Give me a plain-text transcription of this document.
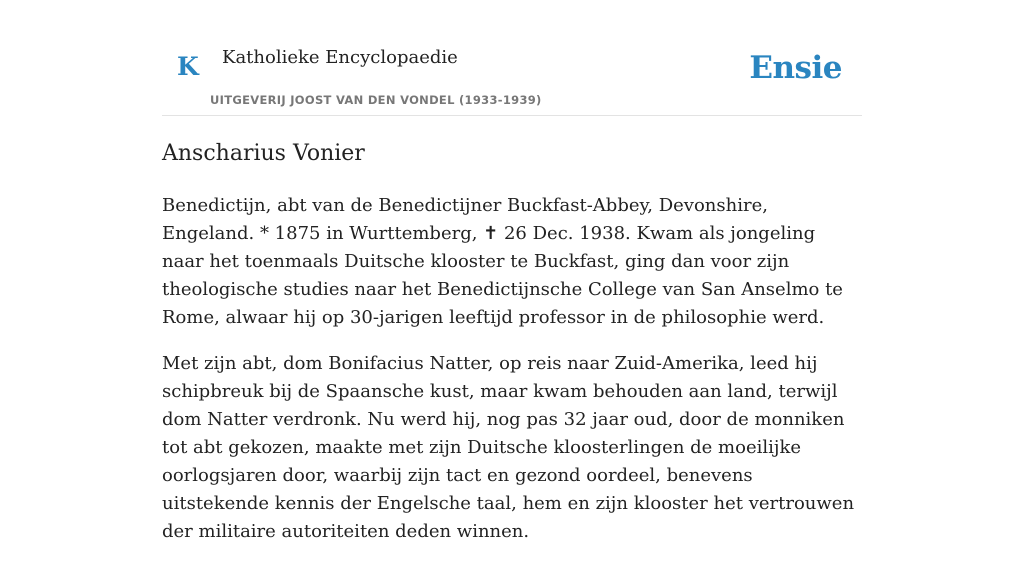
K Katholieke Encyclopaedie
UITGEVERIJ JOOST VAN DEN VONDEL (1933-1939)
Ensie
Anscharius Vonier

Benedictijn, abt van de Benedictijner Buckfast-Abbey, Devonshire, Engeland. * 1875 in Wurttemberg, ✝ 26 Dec. 1938. Kwam als jongeling naar het toenmaals Duitsche klooster te Buckfast, ging dan voor zijn theologische studies naar het Benedictijnsche College van San Anselmo te Rome, alwaar hij op 30-jarigen leeftijd professor in de philosophie werd.

Met zijn abt, dom Bonifacius Natter, op reis naar Zuid-Amerika, leed hij schipbreuk bij de Spaansche kust, maar kwam behouden aan land, terwijl dom Natter verdronk. Nu werd hij, nog pas 32 jaar oud, door de monniken tot abt gekozen, maakte met zijn Duitsche kloosterlingen de moeilijke oorlogsjaren door, waarbij zijn tact en gezond oordeel, benevens uitstekende kennis der Engelsche taal, hem en zijn klooster het vertrouwen der militaire autoriteiten deden winnen.
